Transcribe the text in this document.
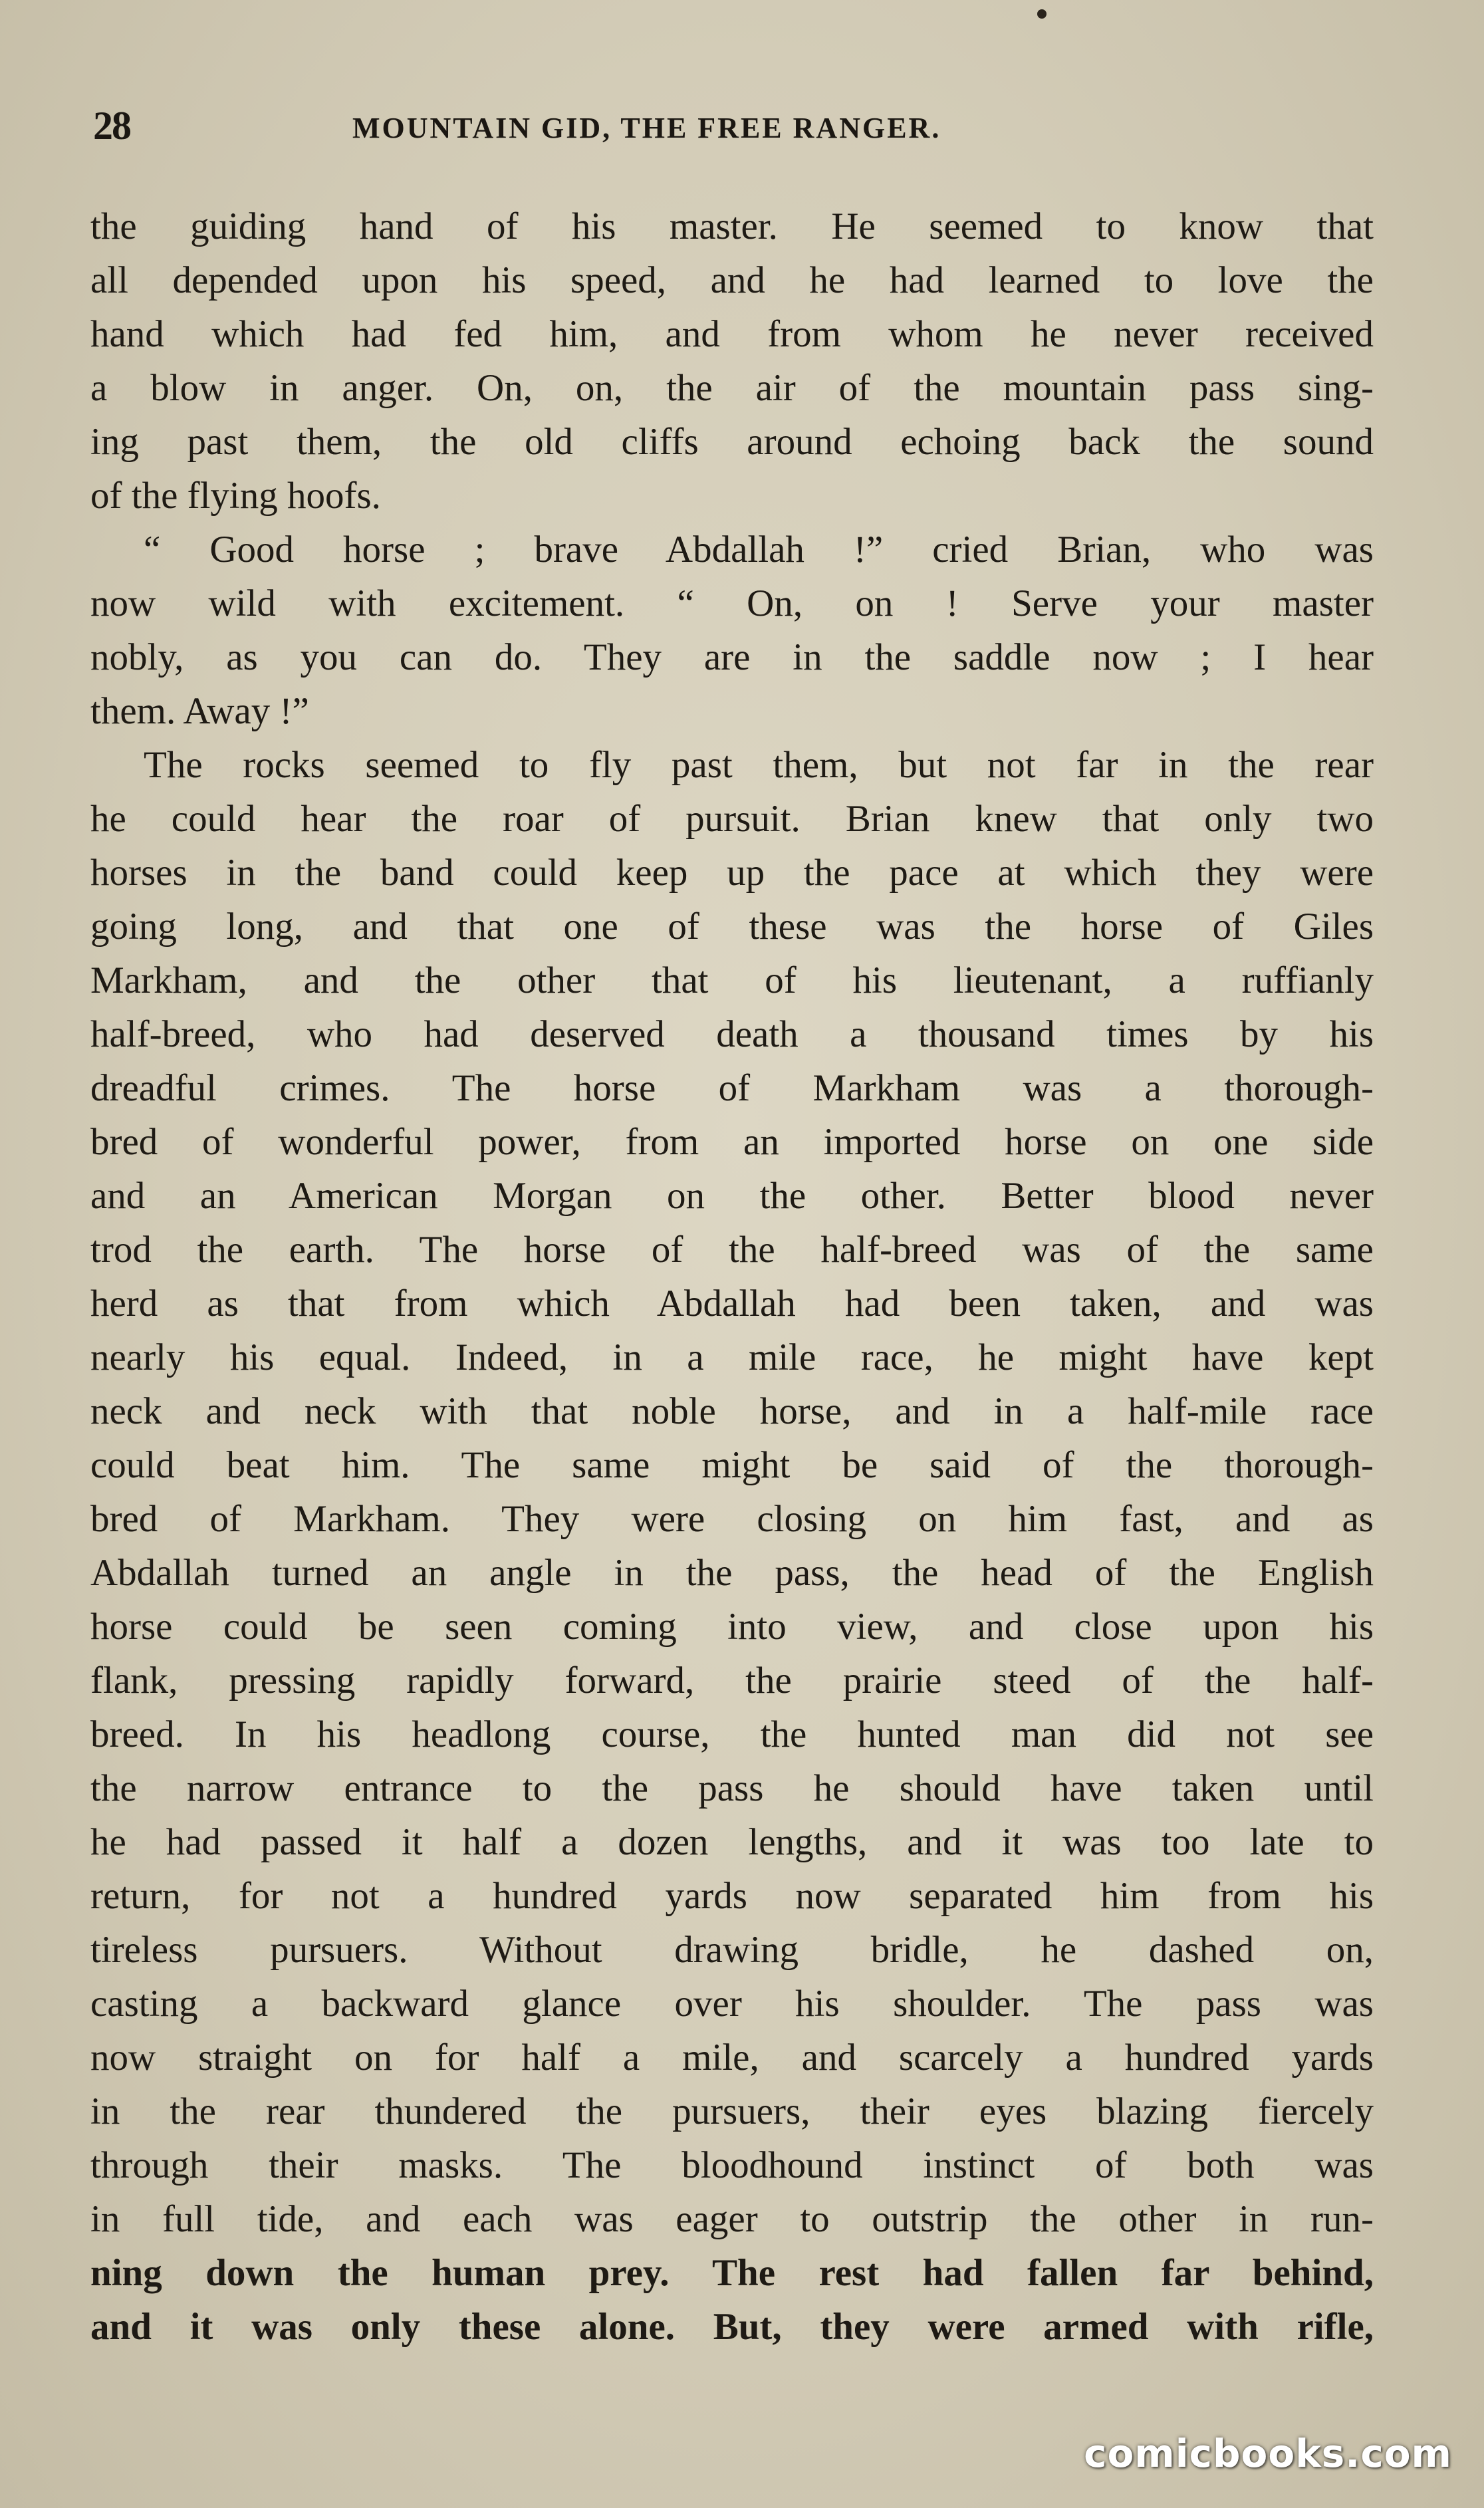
28	MOUNTAIN GID, THE FREE RANGER.
the guiding hand of his master. He seemed to know that
all depended upon his speed, and he had learned to love the
hand which had fed him, and from whom he never received
a blow in anger. On, on, the air of the mountain pass sing-
ing past them, the old cliffs around echoing back the sound
of the flying hoofs.
“ Good horse ; brave Abdallah !” cried Brian, who was
now wild with excitement. “ On, on ! Serve your master
nobly, as you can do. They are in the saddle now ; I hear
them. Away !”
The rocks seemed to fly past them, but not far in the rear
he could hear the roar of pursuit. Brian knew that only two
horses in the band could keep up the pace at which they were
going long, and that one of these was the horse of Giles
Markham, and the other that of his lieutenant, a ruffianly
half-breed, who had deserved death a thousand times by his
dreadful crimes. The horse of Markham was a thorough-
bred of wonderful power, from an imported horse on one side
and an American Morgan on the other. Better blood never
trod the earth. The horse of the half-breed was of the same
herd as that from which Abdallah had been taken, and was
nearly his equal. Indeed, in a mile race, he might have kept
neck and neck with that noble horse, and in a half-mile race
could beat him. The same might be said of the thorough-
bred of Markham. They were closing on him fast, and as
Abdallah turned an angle in the pass, the head of the English
horse could be seen coming into view, and close upon his
flank, pressing rapidly forward, the prairie steed of the half-
breed. In his headlong course, the hunted man did not see
the narrow entrance to the pass he should have taken until
he had passed it half a dozen lengths, and it was too late to
return, for not a hundred yards now separated him from his
tireless pursuers. Without drawing bridle, he dashed on,
casting a backward glance over his shoulder. The pass was
now straight on for half a mile, and scarcely a hundred yards
in the rear thundered the pursuers, their eyes blazing fiercely
through their masks. The bloodhound instinct of both was
in full tide, and each was eager to outstrip the other in run-
ning down the human prey. The rest had fallen far behind,
and it was only these alone. But, they were armed with rifle,
comicbooks.com
